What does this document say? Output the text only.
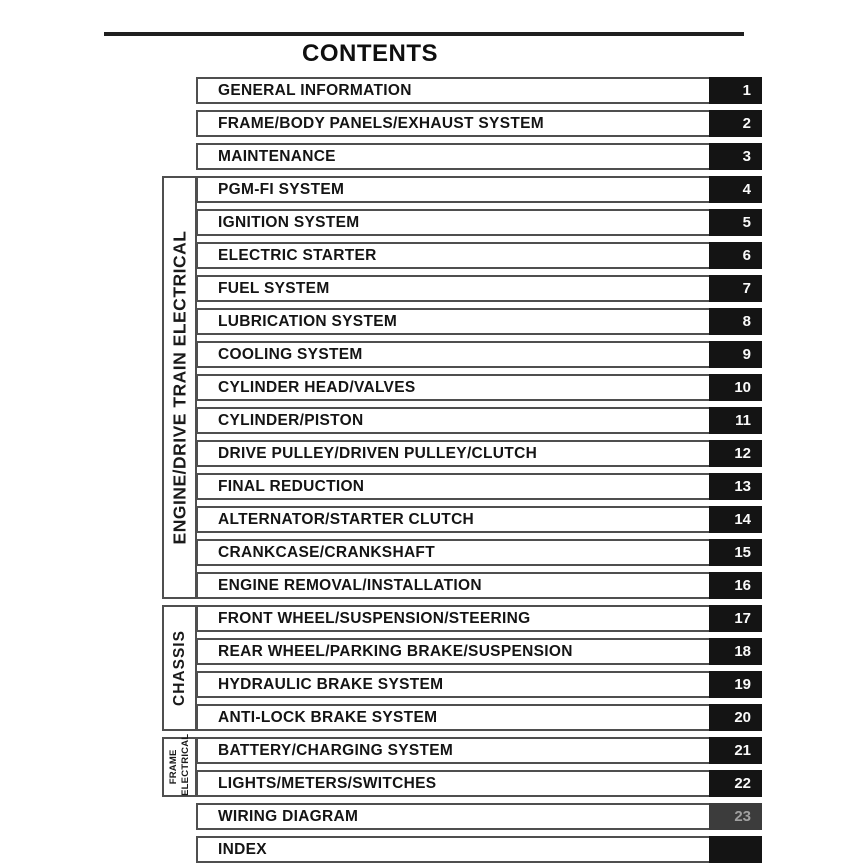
CONTENTS
ENGINE/DRIVE TRAIN ELECTRICAL
CHASSIS
FRAME ELECTRICAL
GENERAL INFORMATION	1
FRAME/BODY PANELS/EXHAUST SYSTEM	2
MAINTENANCE	3
PGM-FI SYSTEM	4
IGNITION SYSTEM	5
ELECTRIC STARTER	6
FUEL SYSTEM	7
LUBRICATION SYSTEM	8
COOLING SYSTEM	9
CYLINDER HEAD/VALVES	10
CYLINDER/PISTON	11
DRIVE PULLEY/DRIVEN PULLEY/CLUTCH	12
FINAL REDUCTION	13
ALTERNATOR/STARTER CLUTCH	14
CRANKCASE/CRANKSHAFT	15
ENGINE REMOVAL/INSTALLATION	16
FRONT WHEEL/SUSPENSION/STEERING	17
REAR WHEEL/PARKING BRAKE/SUSPENSION	18
HYDRAULIC BRAKE SYSTEM	19
ANTI-LOCK BRAKE SYSTEM	20
BATTERY/CHARGING SYSTEM	21
LIGHTS/METERS/SWITCHES	22
WIRING DIAGRAM	23
INDEX
